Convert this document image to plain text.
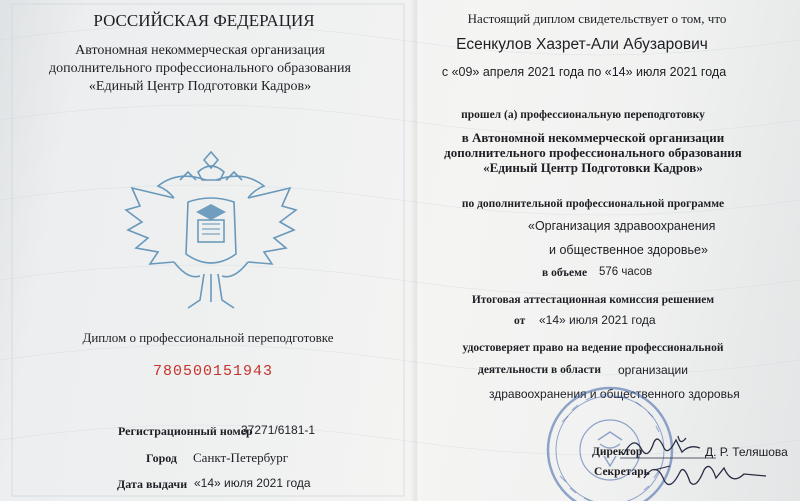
РОССИЙСКАЯ ФЕДЕРАЦИЯ
Автономная некоммерческая организация
дополнительного профессионального образования
«Единый Центр Подготовки Кадров»
Диплом о профессиональной переподготовке
780500151943
Регистрационный номер
37271/6181-1
Город Санкт-Петербург
Дата выдачи «14» июля 2021 года
Настоящий диплом свидетельствует о том, что
Есенкулов Хазрет-Али Абузарович
с «09» апреля 2021 года по «14» июля 2021 года
прошел (а) профессиональную переподготовку
в Автономной некоммерческой организации
дополнительного профессионального образования
«Единый Центр Подготовки Кадров»
по дополнительной профессиональной программе
«Организация здравоохранения
и общественное здоровье»
в объеме 576 часов
Итоговая аттестационная комиссия решением
от «14» июля 2021 года
удостоверяет право на ведение профессиональной
деятельности в области организации
здравоохранения и общественного здоровья
Директор	Д. Р. Теляшова
Секретарь
